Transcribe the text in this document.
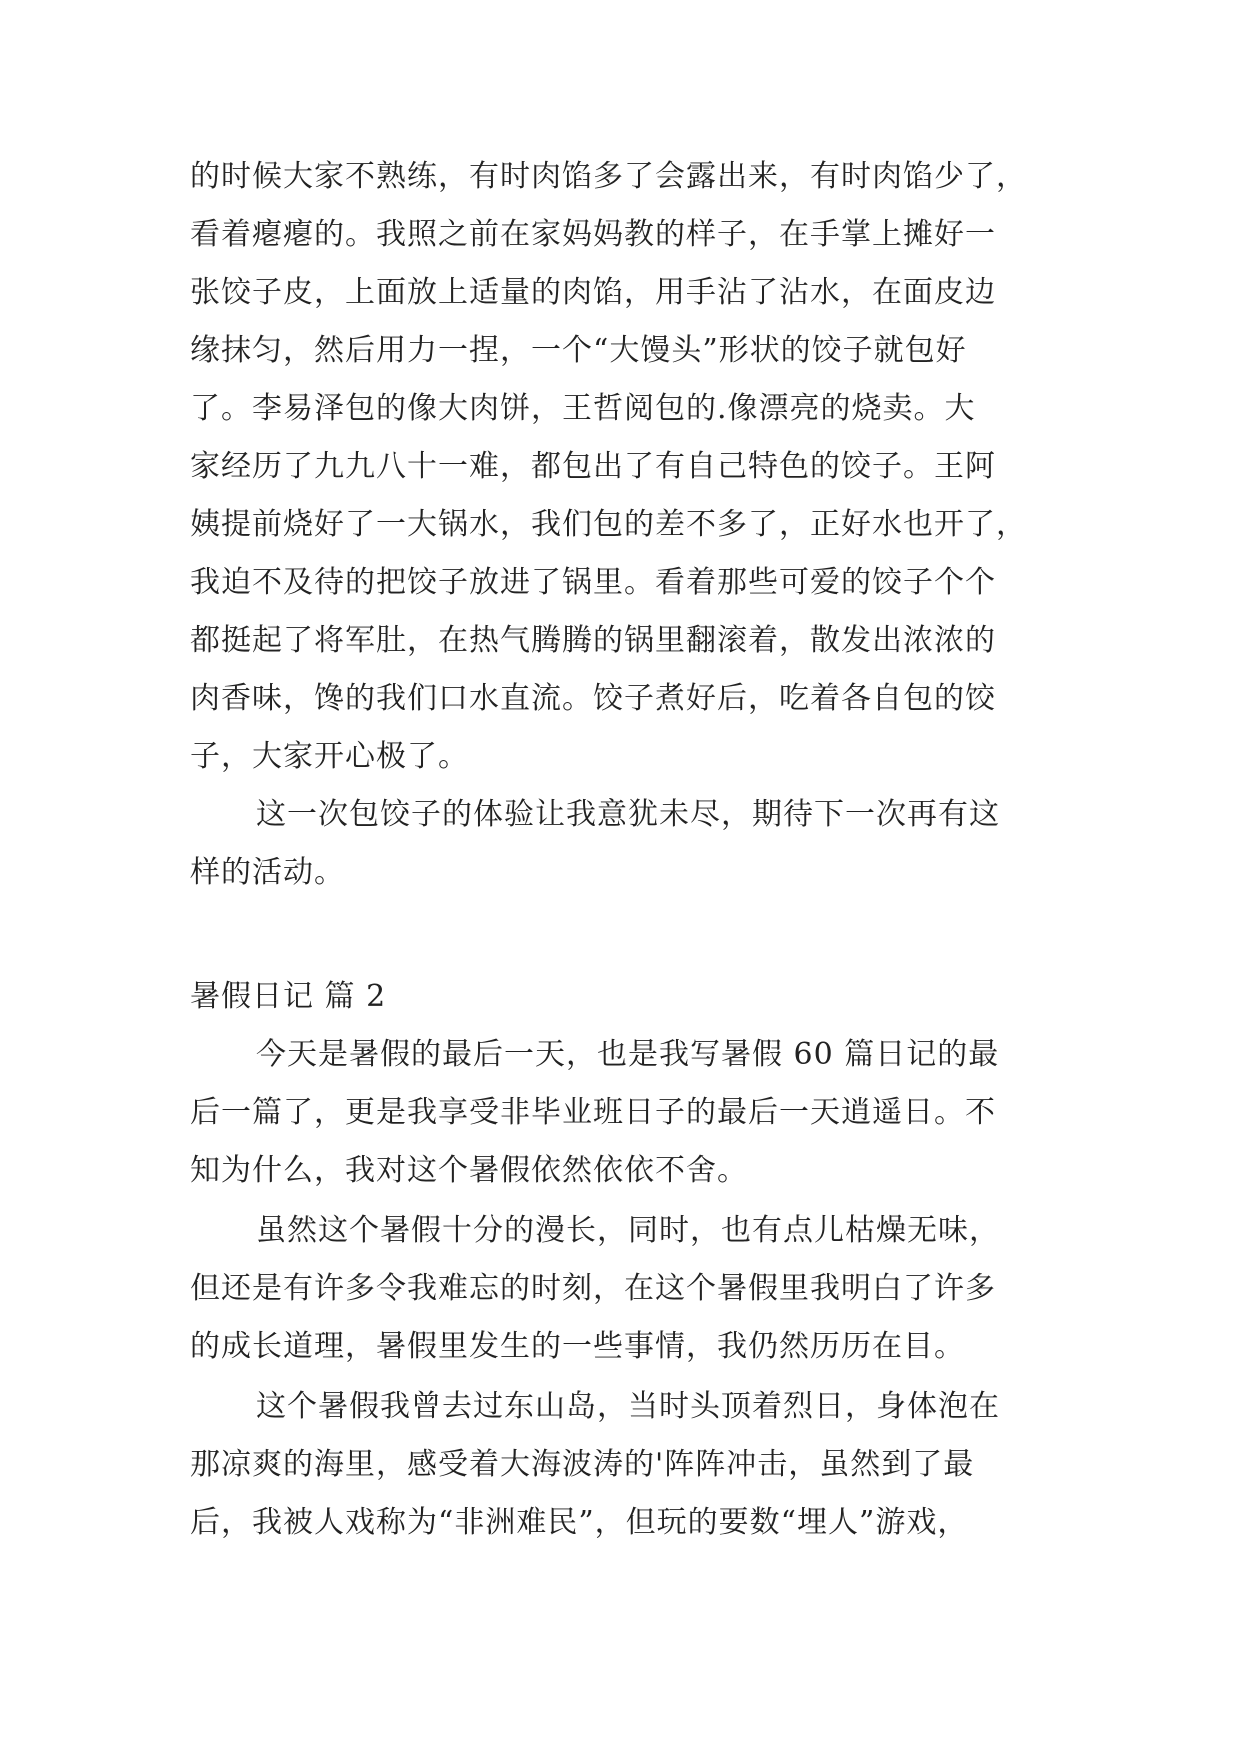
的时候大家不熟练，有时肉馅多了会露出来，有时肉馅少了，
看着瘪瘪的。我照之前在家妈妈教的样子，在手掌上摊好一
张饺子皮，上面放上适量的肉馅，用手沾了沾水，在面皮边
缘抹匀，然后用力一捏，一个“大馒头”形状的饺子就包好
了。李易泽包的像大肉饼，王哲阅包的.像漂亮的烧卖。大
家经历了九九八十一难，都包出了有自己特色的饺子。王阿
姨提前烧好了一大锅水，我们包的差不多了，正好水也开了，
我迫不及待的把饺子放进了锅里。看着那些可爱的饺子个个
都挺起了将军肚，在热气腾腾的锅里翻滚着，散发出浓浓的
肉香味，馋的我们口水直流。饺子煮好后，吃着各自包的饺
子，大家开心极了。
这一次包饺子的体验让我意犹未尽，期待下一次再有这
样的活动。
暑假日记 篇 2
今天是暑假的最后一天，也是我写暑假 60 篇日记的最
后一篇了，更是我享受非毕业班日子的最后一天逍遥日。不
知为什么，我对这个暑假依然依依不舍。
虽然这个暑假十分的漫长，同时，也有点儿枯燥无味，
但还是有许多令我难忘的时刻，在这个暑假里我明白了许多
的成长道理，暑假里发生的一些事情，我仍然历历在目。
这个暑假我曾去过东山岛，当时头顶着烈日，身体泡在
那凉爽的海里，感受着大海波涛的'阵阵冲击，虽然到了最
后，我被人戏称为“非洲难民”，但玩的要数“埋人”游戏，
